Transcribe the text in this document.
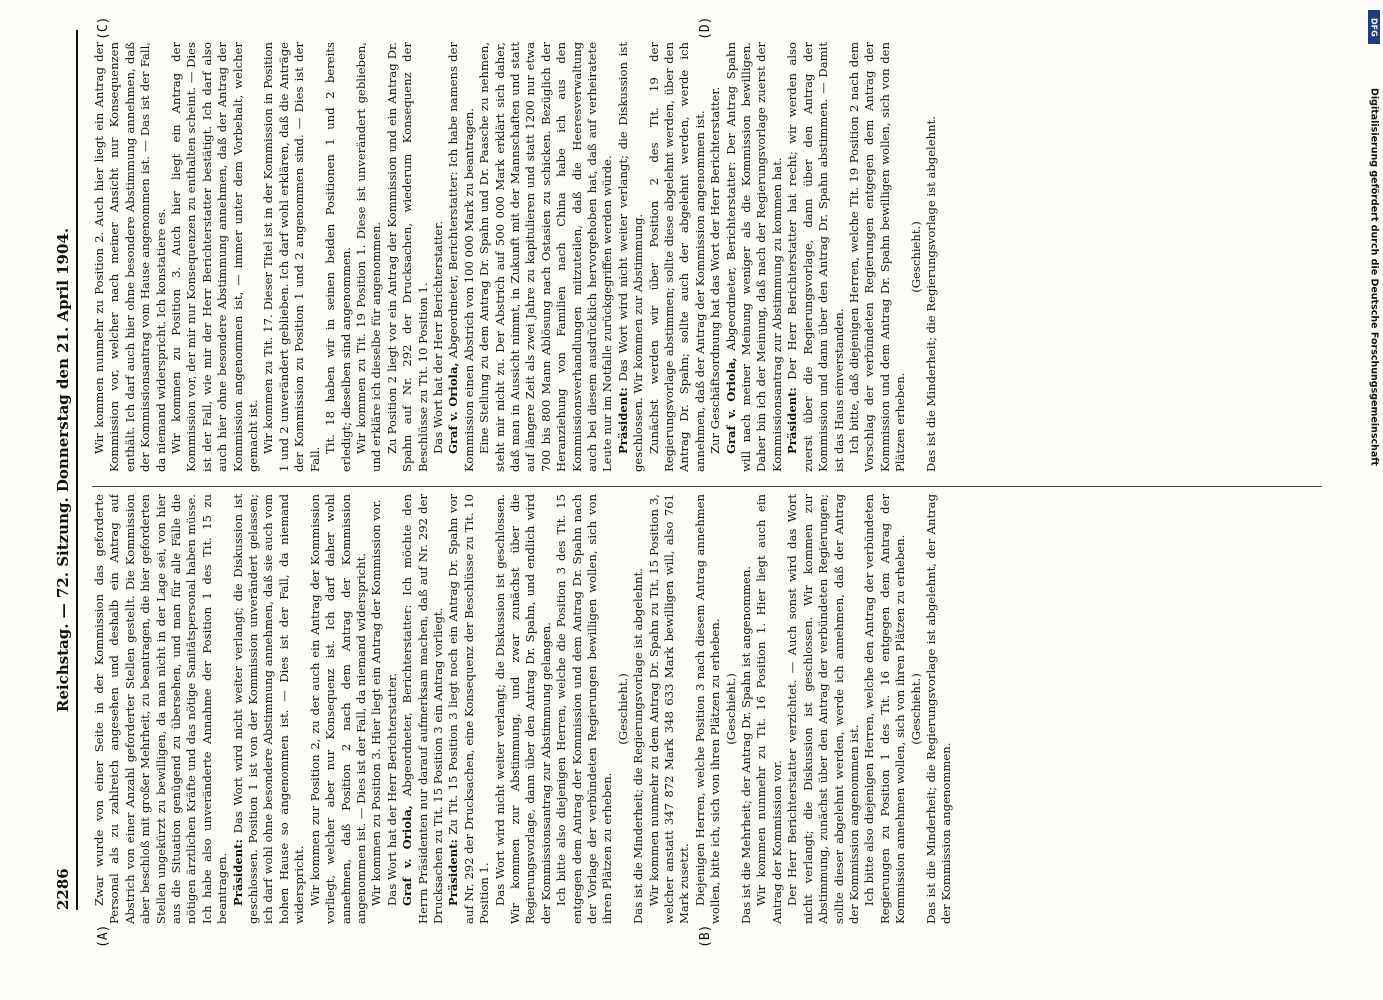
2286
Reichstag. — 72. Sitzung. Donnerstag den 21. April 1904.
(A)	(B)
(C)	(D)

Zwar wurde von einer Seite in der Kommission das geforderte Personal als zu zahlreich angesehen und deshalb ein Antrag auf Abstrich von einer Anzahl geforderter Stellen gestellt. Die Kommission aber beschloß mit großer Mehrheit, zu beantragen, die hier geforderten Stellen ungekürzt zu bewilligen, da man nicht in der Lage sei, von hier aus die Situation genügend zu übersehen, und man für alle Fälle die nötigen ärztlichen Kräfte und das nötige Sanitätspersonal haben müsse. Ich habe also unveränderte Annahme der Position 1 des Tit. 15 zu beantragen. Präsident: Das Wort wird nicht weiter verlangt; die Diskussion ist geschlossen. Position 1 ist von der Kommission unverändert gelassen; ich darf wohl ohne besondere Abstimmung annehmen, daß sie auch vom hohen Hause so angenommen ist. — Dies ist der Fall, da niemand widerspricht. Wir kommen zur Position 2, zu der auch ein Antrag der Kommission vorliegt, welcher aber nur Konsequenz ist. Ich darf daher wohl annehmen, daß Position 2 nach dem Antrag der Kommission angenommen ist. — Dies ist der Fall, da niemand widerspricht. Wir kommen zu Position 3. Hier liegt ein Antrag der Kommission vor. Das Wort hat der Herr Berichterstatter. Graf v. Oriola, Abgeordneter, Berichterstatter: Ich möchte den Herrn Präsidenten nur darauf aufmerksam machen, daß auf Nr. 292 der Drucksachen zu Tit. 15 Position 3 ein Antrag vorliegt. Präsident: Zu Tit. 15 Position 3 liegt noch ein Antrag Dr. Spahn vor auf Nr. 292 der Drucksachen, eine Konsequenz der Beschlüsse zu Tit. 10 Position 1. Das Wort wird nicht weiter verlangt; die Diskussion ist geschlossen. Wir kommen zur Abstimmung, und zwar zunächst über die Regierungsvorlage, dann über den Antrag Dr. Spahn, und endlich wird der Kommissionsantrag zur Abstimmung gelangen. Ich bitte also diejenigen Herren, welche die Position 3 des Tit. 15 entgegen dem Antrag der Kommission und dem Antrag Dr. Spahn nach der Vorlage der verbündeten Regierungen bewilligen wollen, sich von ihren Plätzen zu erheben.

(Geschieht.) Das ist die Minderheit; die Regierungsvorlage ist abgelehnt. Wir kommen nunmehr zu dem Antrag Dr. Spahn zu Tit. 15 Position 3, welcher anstatt 347 872 Mark 348 633 Mark bewilligen will, also 761 Mark zusetzt. Diejenigen Herren, welche Position 3 nach diesem Antrag annehmen wollen, bitte ich, sich von ihren Plätzen zu erheben. (Geschieht.) Das ist die Mehrheit; der Antrag Dr. Spahn ist angenommen. Wir kommen nunmehr zu Tit. 16 Position 1. Hier liegt auch ein Antrag der Kommission vor. Der Herr Berichterstatter verzichtet. — Auch sonst wird das Wort nicht verlangt; die Diskussion ist geschlossen. Wir kommen zur Abstimmung, zunächst über den Antrag der verbündeten Regierungen; sollte dieser abgelehnt werden, werde ich annehmen, daß der Antrag der Kommission angenommen ist. Ich bitte also diejenigen Herren, welche den Antrag der verbündeten Regierungen zu Position 1 des Tit. 16 entgegen dem Antrag der Kommission annehmen wollen, sich von ihren Plätzen zu erheben. (Geschieht.) Das ist die Minderheit; die Regierungsvorlage ist abgelehnt, der Antrag der Kommission angenommen.

Wir kommen nunmehr zu Position 2. Auch hier liegt ein Antrag der Kommission vor, welcher nach meiner Ansicht nur Konsequenzen enthält. Ich darf auch hier ohne besondere Abstimmung annehmen, daß der Kommissionsantrag vom Hause angenommen ist. — Das ist der Fall, da niemand widerspricht. Ich konstatiere es. Wir kommen zu Position 3. Auch hier liegt ein Antrag der Kommission vor, der mir nur Konsequenzen zu enthalten scheint. — Dies ist der Fall, wie mir der Herr Berichterstatter bestätigt. Ich darf also auch hier ohne besondere Abstimmung annehmen, daß der Antrag der Kommission angenommen ist, — immer unter dem Vorbehalt, welcher gemacht ist. Wir kommen zu Tit. 17. Dieser Titel ist in der Kommission in Position 1 und 2 unverändert geblieben. Ich darf wohl erklären, daß die Anträge der Kommission zu Position 1 und 2 angenommen sind. — Dies ist der Fall.

Tit. 18 haben wir in seinen beiden Positionen 1 und 2 bereits erledigt; dieselben sind angenommen. Wir kommen zu Tit. 19 Position 1. Diese ist unverändert geblieben, und erkläre ich dieselbe für angenommen. Zu Position 2 liegt vor ein Antrag der Kommission und ein Antrag Dr. Spahn auf Nr. 292 der Drucksachen, wiederum Konsequenz der Beschlüsse zu Tit. 10 Position 1. Das Wort hat der Herr Berichterstatter. Graf v. Oriola, Abgeordneter, Berichterstatter: Ich habe namens der Kommission einen Abstrich von 100 000 Mark zu beantragen. Eine Stellung zu dem Antrag Dr. Spahn und Dr. Paasche zu nehmen, steht mir nicht zu. Der Abstrich auf 500 000 Mark erklärt sich daher, daß man in Aussicht nimmt, in Zukunft mit der Mannschaften und statt auf längere Zeit als zwei Jahre zu kapitulieren und statt 1200 nur etwa 700 bis 800 Mann Ablösung nach Ostasien zu schicken. Bezüglich der Heranziehung von Familien nach China habe ich aus den Kommissionsverhandlungen mitzuteilen, daß die Heeresverwaltung auch bei diesem ausdrücklich hervorgehoben hat, daß auf verheiratete Leute nur im Notfalle zurückgegriffen werden würde. Präsident: Das Wort wird nicht weiter verlangt; die Diskussion ist geschlossen. Wir kommen zur Abstimmung. Zunächst werden wir über Position 2 des Tit. 19 der Regierungsvorlage abstimmen; sollte diese abgelehnt werden, über den Antrag Dr. Spahn; sollte auch der abgelehnt werden, werde ich annehmen, daß der Antrag der Kommission angenommen ist. Zur Geschäftsordnung hat das Wort der Herr Berichterstatter. Graf v. Oriola, Abgeordneter, Berichterstatter: Der Antrag Spahn will nach meiner Meinung weniger als die Kommission bewilligen. Daher bin ich der Meinung, daß nach der Regierungsvorlage zuerst der Kommissionsantrag zur Abstimmung zu kommen hat. Präsident: Der Herr Berichterstatter hat recht; wir werden also zuerst über die Regierungsvorlage, dann über den Antrag der Kommission und dann über den Antrag Dr. Spahn abstimmen. — Damit ist das Haus einverstanden. Ich bitte, daß diejenigen Herren, welche Tit. 19 Position 2 nach dem Vorschlag der verbündeten Regierungen entgegen dem Antrag der Kommission und dem Antrag Dr. Spahn bewilligen wollen, sich von den Plätzen erheben.

(Geschieht.) Das ist die Minderheit; die Regierungsvorlage ist abgelehnt.

DFG
Digitalisierung gefördert durch die Deutsche Forschungsgemeinschaft
